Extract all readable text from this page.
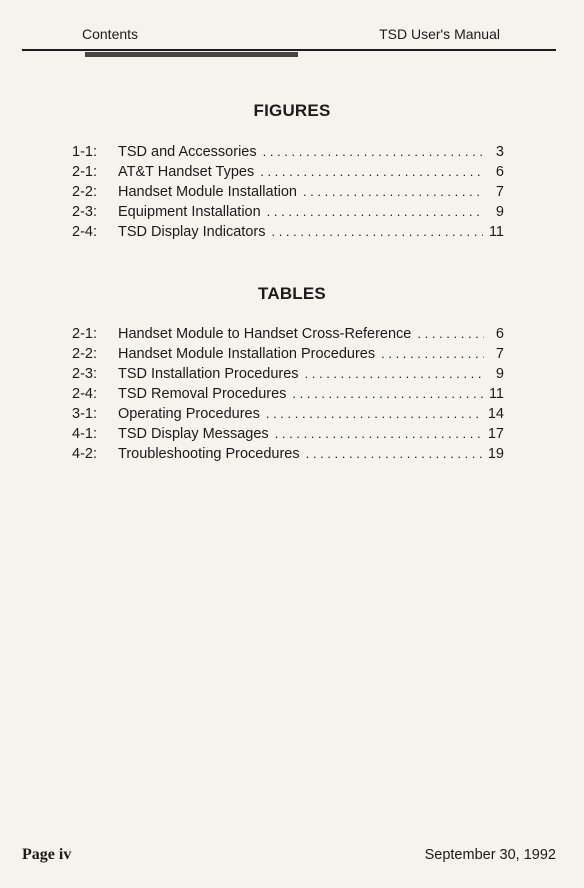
Contents	TSD User's Manual
FIGURES
1-1:	TSD and Accessories . . .	3
2-1:	AT&T Handset Types . . .	6
2-2:	Handset Module Installation . . .	7
2-3:	Equipment Installation . . .	9
2-4:	TSD Display Indicators . . .	11
TABLES
2-1:	Handset Module to Handset Cross-Reference . . .	6
2-2:	Handset Module Installation Procedures . . .	7
2-3:	TSD Installation Procedures . . .	9
2-4:	TSD Removal Procedures . . .	11
3-1:	Operating Procedures . . .	14
4-1:	TSD Display Messages . . .	17
4-2:	Troubleshooting Procedures . . .	19
Page iv	September 30, 1992
